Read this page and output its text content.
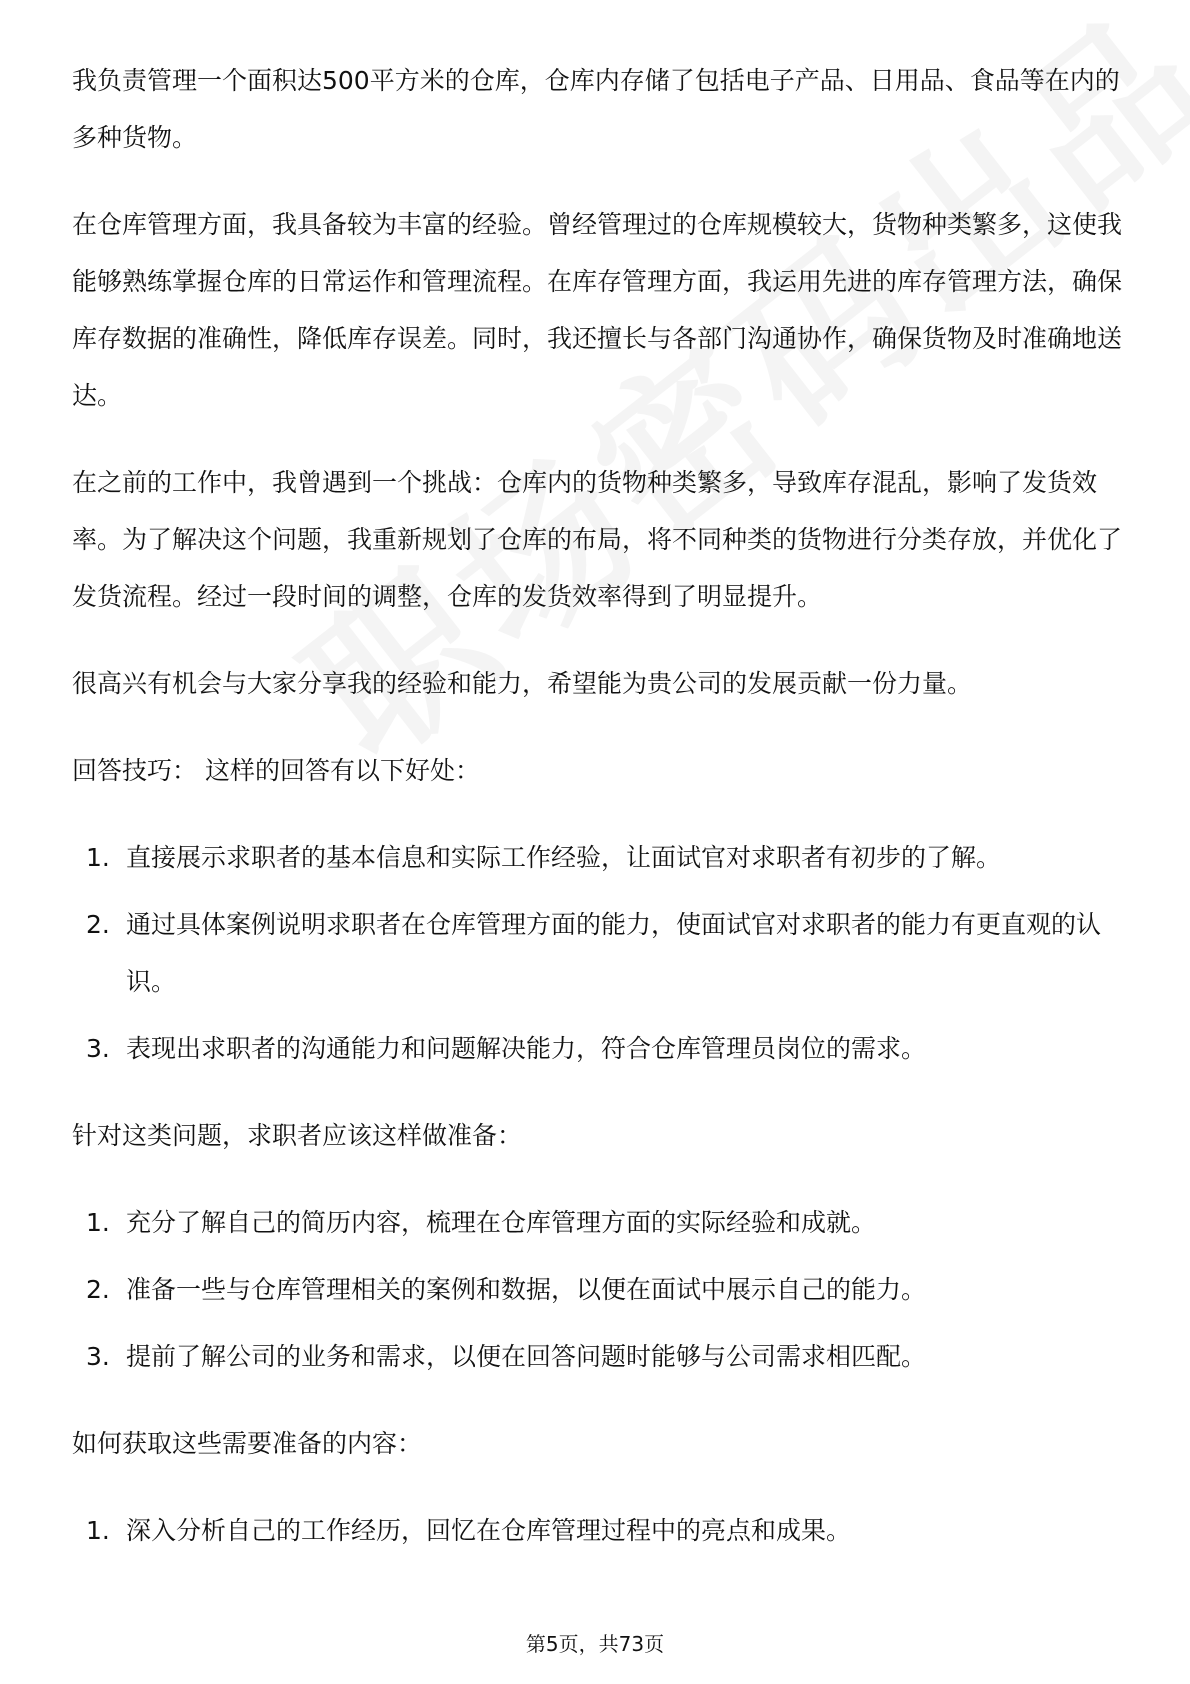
我负责管理一个面积达500平方米的仓库，仓库内存储了包括电子产品、日用品、食品等在内的多种货物。

在仓库管理方面，我具备较为丰富的经验。曾经管理过的仓库规模较大，货物种类繁多，这使我能够熟练掌握仓库的日常运作和管理流程。在库存管理方面，我运用先进的库存管理方法，确保库存数据的准确性，降低库存误差。同时，我还擅长与各部门沟通协作，确保货物及时准确地送达。

在之前的工作中，我曾遇到一个挑战：仓库内的货物种类繁多，导致库存混乱，影响了发货效率。为了解决这个问题，我重新规划了仓库的布局，将不同种类的货物进行分类存放，并优化了发货流程。经过一段时间的调整，仓库的发货效率得到了明显提升。

很高兴有机会与大家分享我的经验和能力，希望能为贵公司的发展贡献一份力量。

回答技巧： 这样的回答有以下好处：

1. 直接展示求职者的基本信息和实际工作经验，让面试官对求职者有初步的了解。
2. 通过具体案例说明求职者在仓库管理方面的能力，使面试官对求职者的能力有更直观的认识。
3. 表现出求职者的沟通能力和问题解决能力，符合仓库管理员岗位的需求。

针对这类问题，求职者应该这样做准备：

1. 充分了解自己的简历内容，梳理在仓库管理方面的实际经验和成就。
2. 准备一些与仓库管理相关的案例和数据，以便在面试中展示自己的能力。
3. 提前了解公司的业务和需求，以便在回答问题时能够与公司需求相匹配。

如何获取这些需要准备的内容：

1. 深入分析自己的工作经历，回忆在仓库管理过程中的亮点和成果。
第5页，共73页
